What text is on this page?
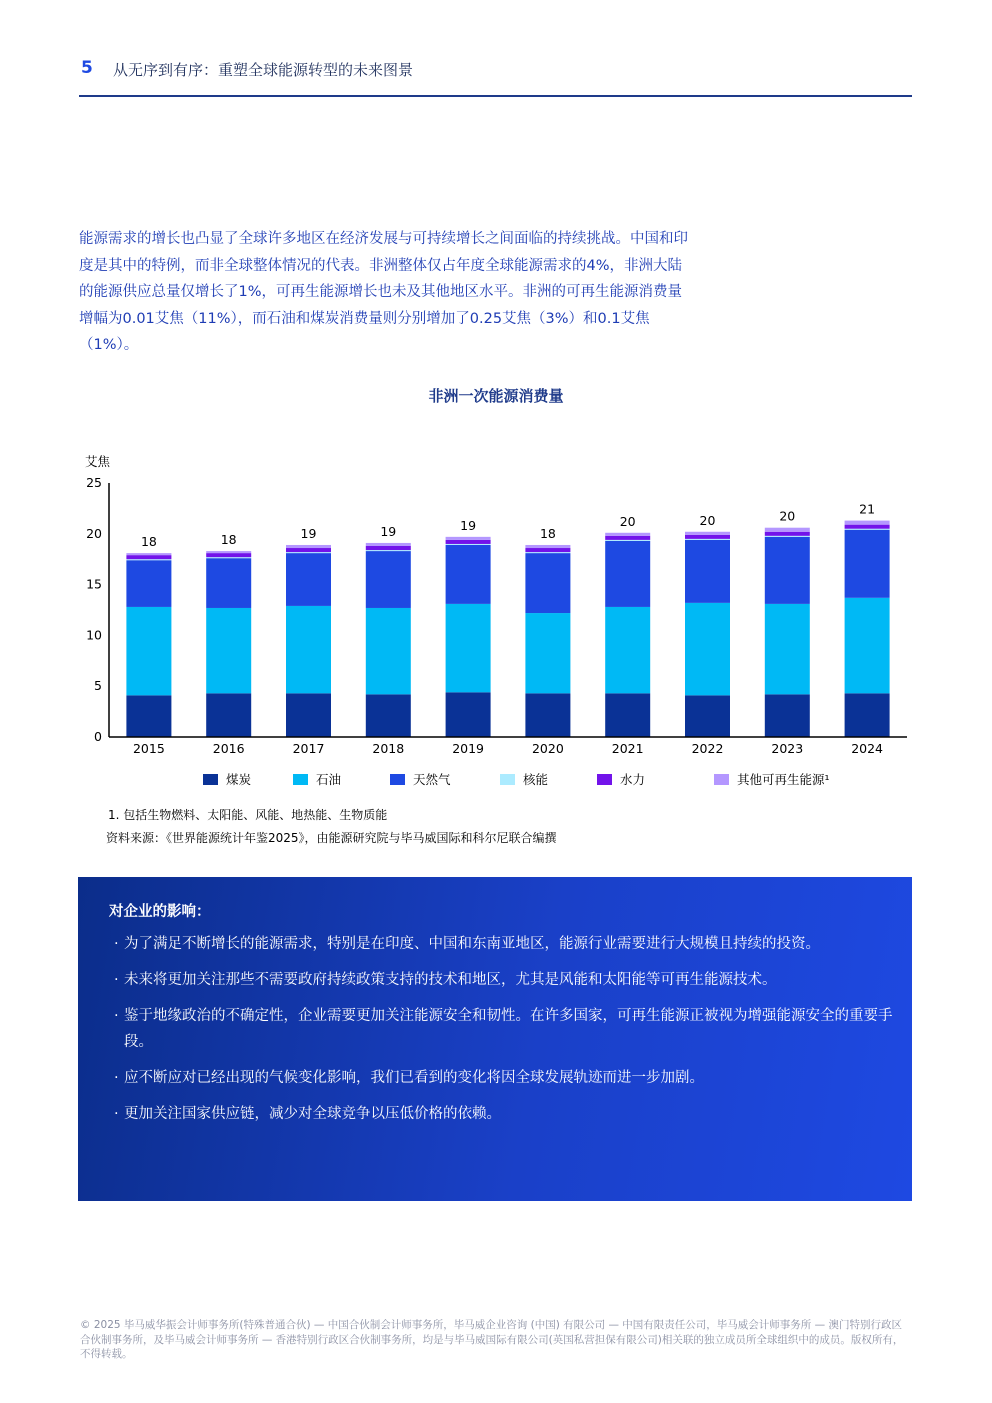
5 从无序到有序：重塑全球能源转型的未来图景

能源需求的增长也凸显了全球许多地区在经济发展与可持续增长之间面临的持续挑战。中国和印度是其中的特例，而非全球整体情况的代表。非洲整体仅占年度全球能源需求的4%，非洲大陆的能源供应总量仅增长了1%，可再生能源增长也未及其他地区水平。非洲的可再生能源消费量增幅为0.01艾焦（11%），而石油和煤炭消费量则分别增加了0.25艾焦（3%）和0.1艾焦（1%）。

非洲一次能源消费量
艾焦
0
5
10
15
20
25
18
2015
18
2016
19
2017
19
2018
19
2019
18
2020
20
2021
20
2022
20
2023
21
2024
煤炭	石油	天然气	核能	水力	其他可再生能源¹
1. 包括生物燃料、太阳能、风能、地热能、生物质能
资料来源：《世界能源统计年鉴2025》，由能源研究院与毕马威国际和科尔尼联合编撰
对企业的影响：
· 为了满足不断增长的能源需求，特别是在印度、中国和东南亚地区，能源行业需要进行大规模且持续的投资。
· 未来将更加关注那些不需要政府持续政策支持的技术和地区，尤其是风能和太阳能等可再生能源技术。
· 鉴于地缘政治的不确定性，企业需要更加关注能源安全和韧性。在许多国家，可再生能源正被视为增强能源安全的重要手段。
· 应不断应对已经出现的气候变化影响，我们已看到的变化将因全球发展轨迹而进一步加剧。
· 更加关注国家供应链，减少对全球竞争以压低价格的依赖。
© 2025 毕马威华振会计师事务所(特殊普通合伙) — 中国合伙制会计师事务所，毕马威企业咨询 (中国) 有限公司 — 中国有限责任公司，毕马威会计师事务所 — 澳门特别行政区合伙制事务所，及毕马威会计师事务所 — 香港特别行政区合伙制事务所，均是与毕马威国际有限公司(英国私营担保有限公司)相关联的独立成员所全球组织中的成员。版权所有，不得转载。
